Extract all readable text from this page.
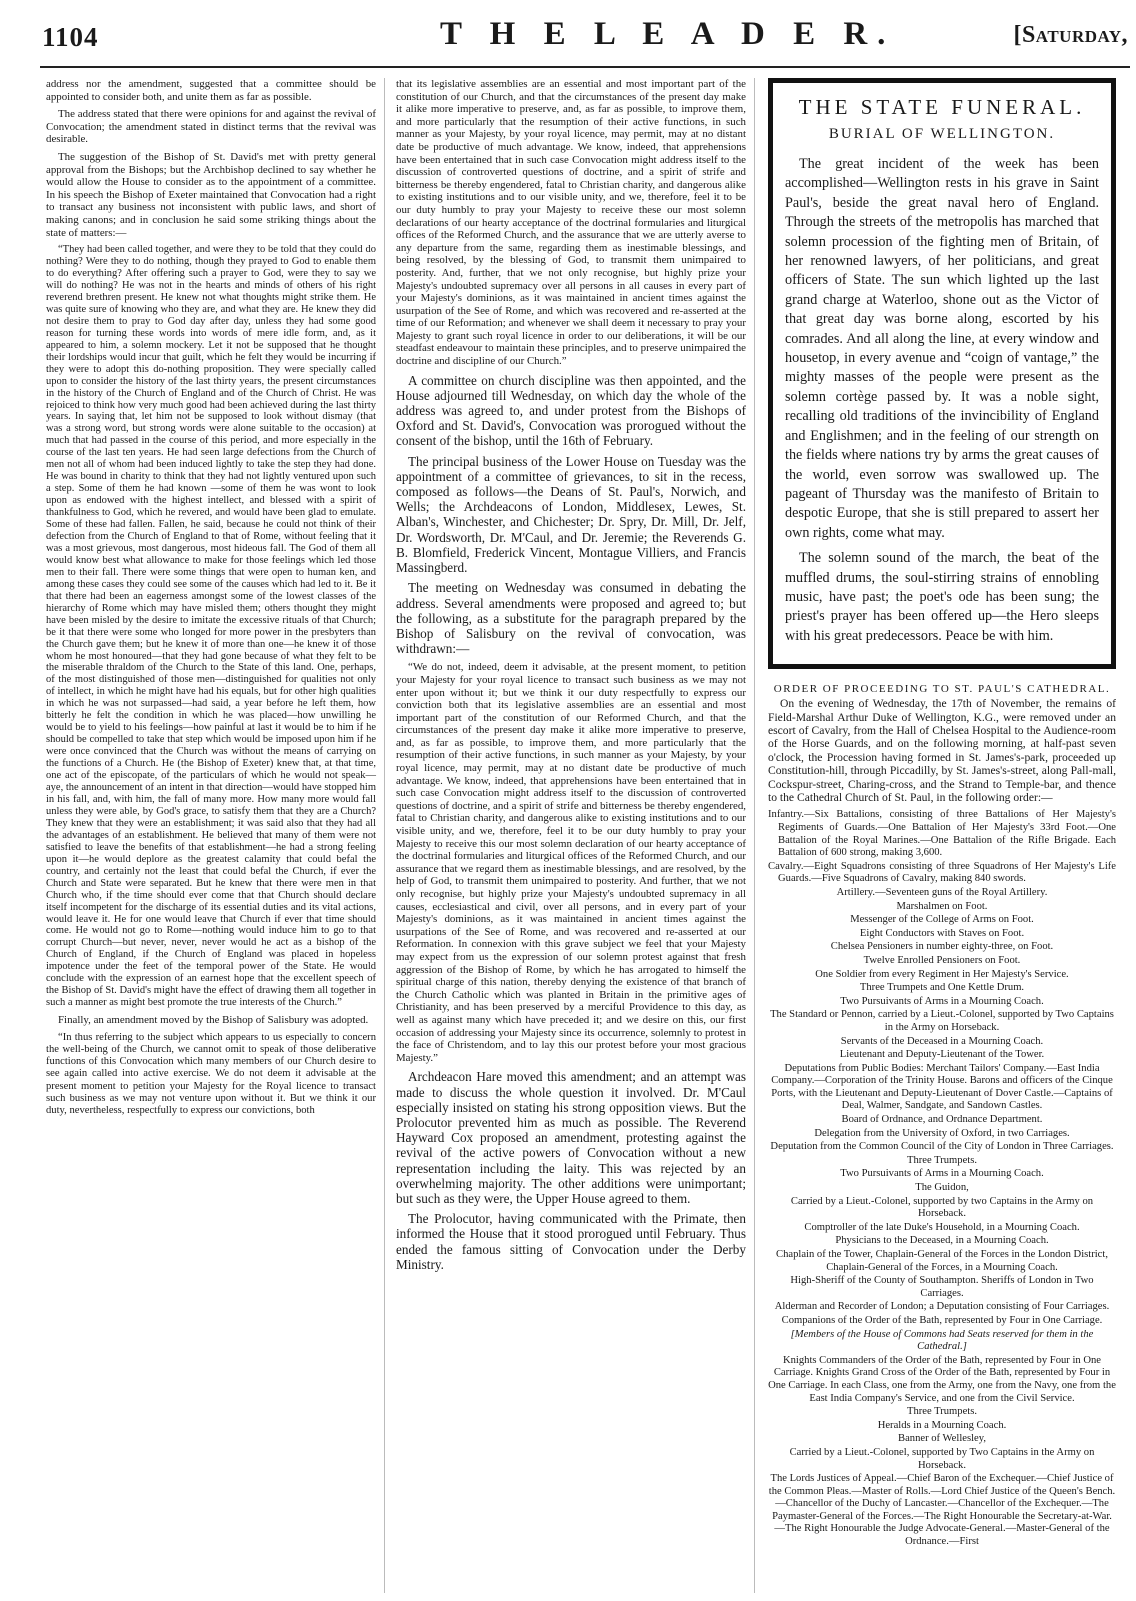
1104	T H E L E A D E R.	[Saturday,

address nor the amendment, suggested that a committee should be appointed to consider both, and unite them as far as possible.

The address stated that there were opinions for and against the revival of Convocation; the amendment stated in distinct terms that the revival was desirable.

The suggestion of the Bishop of St. David's met with pretty general approval from the Bishops; but the Archbishop declined to say whether he would allow the House to consider as to the appointment of a committee. In his speech the Bishop of Exeter maintained that Convocation had a right to transact any business not inconsistent with public laws, and short of making canons; and in conclusion he said some striking things about the state of matters:—

“They had been called together, and were they to be told that they could do nothing? Were they to do nothing, though they prayed to God to enable them to do everything? After offering such a prayer to God, were they to say we will do nothing? He was not in the hearts and minds of others of his right reverend brethren present. He knew not what thoughts might strike them. He was quite sure of knowing who they are, and what they are. He knew they did not desire them to pray to God day after day, unless they had some good reason for turning these words into words of mere idle form, and, as it appeared to him, a solemn mockery. Let it not be supposed that he thought their lordships would incur that guilt, which he felt they would be incurring if they were to adopt this do-nothing proposition. They were specially called upon to consider the history of the last thirty years, the present circumstances in the history of the Church of England and of the Church of Christ. He was rejoiced to think how very much good had been achieved during the last thirty years. In saying that, let him not be supposed to look without dismay (that was a strong word, but strong words were alone suitable to the occasion) at much that had passed in the course of this period, and more especially in the course of the last ten years. He had seen large defections from the Church of men not all of whom had been induced lightly to take the step they had done. He was bound in charity to think that they had not lightly ventured upon such a step. Some of them he had known —some of them he was wont to look upon as endowed with the highest intellect, and blessed with a spirit of thankfulness to God, which he revered, and would have been glad to emulate. Some of these had fallen. Fallen, he said, because he could not think of their defection from the Church of England to that of Rome, without feeling that it was a most grievous, most dangerous, most hideous fall. The God of them all would know best what allowance to make for those feelings which led those men to their fall. There were some things that were open to human ken, and among these cases they could see some of the causes which had led to it. Be it that there had been an eagerness amongst some of the lowest classes of the hierarchy of Rome which may have misled them; others thought they might have been misled by the desire to imitate the excessive rituals of that Church; be it that there were some who longed for more power in the presbyters than the Church gave them; but he knew it of more than one—he knew it of those whom he most honoured—that they had gone because of what they felt to be the miserable thraldom of the Church to the State of this land. One, perhaps, of the most distinguished of those men—distinguished for qualities not only of intellect, in which he might have had his equals, but for other high qualities in which he was not surpassed—had said, a year before he left them, how bitterly he felt the condition in which he was placed—how unwilling he would be to yield to his feelings—how painful at last it would be to him if he should be compelled to take that step which would be imposed upon him if he were once convinced that the Church was without the means of carrying on the functions of a Church. He (the Bishop of Exeter) knew that, at that time, one act of the episcopate, of the particulars of which he would not speak—aye, the announcement of an intent in that direction—would have stopped him in his fall, and, with him, the fall of many more. How many more would fall unless they were able, by God's grace, to satisfy them that they are a Church? They knew that they were an establishment; it was said also that they had all the advantages of an establishment. He believed that many of them were not satisfied to leave the benefits of that establishment—he had a strong feeling upon it—he would deplore as the greatest calamity that could befal the country, and certainly not the least that could befal the Church, if ever the Church and State were separated. But he knew that there were men in that Church who, if the time should ever come that that Church should declare itself incompetent for the discharge of its essential duties and its vital actions, would leave it. He for one would leave that Church if ever that time should come. He would not go to Rome—nothing would induce him to go to that corrupt Church—but never, never, never would he act as a bishop of the Church of England, if the Church of England was placed in hopeless impotence under the feet of the temporal power of the State. He would conclude with the expression of an earnest hope that the excellent speech of the Bishop of St. David's might have the effect of drawing them all together in such a manner as might best promote the true interests of the Church.”

Finally, an amendment moved by the Bishop of Salisbury was adopted.

“In thus referring to the subject which appears to us especially to concern the well-being of the Church, we cannot omit to speak of those deliberative functions of this Convocation which many members of our Church desire to see again called into active exercise. We do not deem it advisable at the present moment to petition your Majesty for the Royal licence to transact such business as we may not venture upon without it. But we think it our duty, nevertheless, respectfully to express our convictions, both

that its legislative assemblies are an essential and most important part of the constitution of our Church, and that the circumstances of the present day make it alike more imperative to preserve, and, as far as possible, to improve them, and more particularly that the resumption of their active functions, in such manner as your Majesty, by your royal licence, may permit, may at no distant date be productive of much advantage. We know, indeed, that apprehensions have been entertained that in such case Convocation might address itself to the discussion of controverted questions of doctrine, and a spirit of strife and bitterness be thereby engendered, fatal to Christian charity, and dangerous alike to existing institutions and to our visible unity, and we, therefore, feel it to be our duty humbly to pray your Majesty to receive these our most solemn declarations of our hearty acceptance of the doctrinal formularies and liturgical offices of the Reformed Church, and the assurance that we are utterly averse to any departure from the same, regarding them as inestimable blessings, and being resolved, by the blessing of God, to transmit them unimpaired to posterity. And, further, that we not only recognise, but highly prize your Majesty's undoubted supremacy over all persons in all causes in every part of your Majesty's dominions, as it was maintained in ancient times against the usurpation of the See of Rome, and which was recovered and re-asserted at the time of our Reformation; and whenever we shall deem it necessary to pray your Majesty to grant such royal licence in order to our deliberations, it will be our steadfast endeavour to maintain these principles, and to preserve unimpaired the doctrine and discipline of our Church.”

A committee on church discipline was then appointed, and the House adjourned till Wednesday, on which day the whole of the address was agreed to, and under protest from the Bishops of Oxford and St. David's, Convocation was prorogued without the consent of the bishop, until the 16th of February.

The principal business of the Lower House on Tuesday was the appointment of a committee of grievances, to sit in the recess, composed as follows—the Deans of St. Paul's, Norwich, and Wells; the Archdeacons of London, Middlesex, Lewes, St. Alban's, Winchester, and Chichester; Dr. Spry, Dr. Mill, Dr. Jelf, Dr. Wordsworth, Dr. M'Caul, and Dr. Jeremie; the Reverends G. B. Blomfield, Frederick Vincent, Montague Villiers, and Francis Massingberd.

The meeting on Wednesday was consumed in debating the address. Several amendments were proposed and agreed to; but the following, as a substitute for the paragraph prepared by the Bishop of Salisbury on the revival of convocation, was withdrawn:—

“We do not, indeed, deem it advisable, at the present moment, to petition your Majesty for your royal licence to transact such business as we may not enter upon without it; but we think it our duty respectfully to express our conviction both that its legislative assemblies are an essential and most important part of the constitution of our Reformed Church, and that the circumstances of the present day make it alike more imperative to preserve, and, as far as possible, to improve them, and more particularly that the resumption of their active functions, in such manner as your Majesty, by your royal licence, may permit, may at no distant date be productive of much advantage. We know, indeed, that apprehensions have been entertained that in such case Convocation might address itself to the discussion of controverted questions of doctrine, and a spirit of strife and bitterness be thereby engendered, fatal to Christian charity, and dangerous alike to existing institutions and to our visible unity, and we, therefore, feel it to be our duty humbly to pray your Majesty to receive this our most solemn declaration of our hearty acceptance of the doctrinal formularies and liturgical offices of the Reformed Church, and our assurance that we regard them as inestimable blessings, and are resolved, by the help of God, to transmit them unimpaired to posterity. And further, that we not only recognise, but highly prize your Majesty's undoubted supremacy in all causes, ecclesiastical and civil, over all persons, and in every part of your Majesty's dominions, as it was maintained in ancient times against the usurpations of the See of Rome, and was recovered and re-asserted at our Reformation. In connexion with this grave subject we feel that your Majesty may expect from us the expression of our solemn protest against that fresh aggression of the Bishop of Rome, by which he has arrogated to himself the spiritual charge of this nation, thereby denying the existence of that branch of the Church Catholic which was planted in Britain in the primitive ages of Christianity, and has been preserved by a merciful Providence to this day, as well as against many which have preceded it; and we desire on this, our first occasion of addressing your Majesty since its occurrence, solemnly to protest in the face of Christendom, and to lay this our protest before your most gracious Majesty.”

Archdeacon Hare moved this amendment; and an attempt was made to discuss the whole question it involved. Dr. M'Caul especially insisted on stating his strong opposition views. But the Prolocutor prevented him as much as possible. The Reverend Hayward Cox proposed an amendment, protesting against the revival of the active powers of Convocation without a new representation including the laity. This was rejected by an overwhelming majority. The other additions were unimportant; but such as they were, the Upper House agreed to them.

The Prolocutor, having communicated with the Primate, then informed the House that it stood prorogued until February. Thus ended the famous sitting of Convocation under the Derby Ministry.

THE STATE FUNERAL.
BURIAL OF WELLINGTON.

The great incident of the week has been accomplished—Wellington rests in his grave in Saint Paul's, beside the great naval hero of England. Through the streets of the metropolis has marched that solemn procession of the fighting men of Britain, of her renowned lawyers, of her politicians, and great officers of State. The sun which lighted up the last grand charge at Waterloo, shone out as the Victor of that great day was borne along, escorted by his comrades. And all along the line, at every window and housetop, in every avenue and “coign of vantage,” the mighty masses of the people were present as the solemn cortège passed by. It was a noble sight, recalling old traditions of the invincibility of England and Englishmen; and in the feeling of our strength on the fields where nations try by arms the great causes of the world, even sorrow was swallowed up. The pageant of Thursday was the manifesto of Britain to despotic Europe, that she is still prepared to assert her own rights, come what may.

The solemn sound of the march, the beat of the muffled drums, the soul-stirring strains of ennobling music, have past; the poet's ode has been sung; the priest's prayer has been offered up—the Hero sleeps with his great predecessors. Peace be with him.

ORDER OF PROCEEDING TO ST. PAUL'S CATHEDRAL.

On the evening of Wednesday, the 17th of November, the remains of Field-Marshal Arthur Duke of Wellington, K.G., were removed under an escort of Cavalry, from the Hall of Chelsea Hospital to the Audience-room of the Horse Guards, and on the following morning, at half-past seven o'clock, the Procession having formed in St. James's-park, proceeded up Constitution-hill, through Piccadilly, by St. James's-street, along Pall-mall, Cockspur-street, Charing-cross, and the Strand to Temple-bar, and thence to the Cathedral Church of St. Paul, in the following order:—

Infantry.—Six Battalions, consisting of three Battalions of Her Majesty's Regiments of Guards.—One Battalion of Her Majesty's 33rd Foot.—One Battalion of the Royal Marines.—One Battalion of the Rifle Brigade. Each Battalion of 600 strong, making 3,600.
Cavalry.—Eight Squadrons consisting of three Squadrons of Her Majesty's Life Guards.—Five Squadrons of Cavalry, making 840 swords.
Artillery.—Seventeen guns of the Royal Artillery.
Marshalmen on Foot.
Messenger of the College of Arms on Foot.
Eight Conductors with Staves on Foot.
Chelsea Pensioners in number eighty-three, on Foot.
Twelve Enrolled Pensioners on Foot.
One Soldier from every Regiment in Her Majesty's Service.
Three Trumpets and One Kettle Drum.
Two Pursuivants of Arms in a Mourning Coach.
The Standard or Pennon, carried by a Lieut.-Colonel, supported by Two Captains in the Army on Horseback.
Servants of the Deceased in a Mourning Coach.
Lieutenant and Deputy-Lieutenant of the Tower.
Deputations from Public Bodies: Merchant Tailors' Company.—East India Company.—Corporation of the Trinity House. Barons and officers of the Cinque Ports, with the Lieutenant and Deputy-Lieutenant of Dover Castle.—Captains of Deal, Walmer, Sandgate, and Sandown Castles.
Board of Ordnance, and Ordnance Department.
Delegation from the University of Oxford, in two Carriages.
Deputation from the Common Council of the City of London in Three Carriages.
Three Trumpets.
Two Pursuivants of Arms in a Mourning Coach.
The Guidon,
Carried by a Lieut.-Colonel, supported by two Captains in the Army on Horseback.
Comptroller of the late Duke's Household, in a Mourning Coach.
Physicians to the Deceased, in a Mourning Coach.
Chaplain of the Tower, Chaplain-General of the Forces in the London District, Chaplain-General of the Forces, in a Mourning Coach.
High-Sheriff of the County of Southampton. Sheriffs of London in Two Carriages.
Alderman and Recorder of London; a Deputation consisting of Four Carriages.
Companions of the Order of the Bath, represented by Four in One Carriage.
[Members of the House of Commons had Seats reserved for them in the Cathedral.]
Knights Commanders of the Order of the Bath, represented by Four in One Carriage. Knights Grand Cross of the Order of the Bath, represented by Four in One Carriage. In each Class, one from the Army, one from the Navy, one from the East India Company's Service, and one from the Civil Service.
Three Trumpets.
Heralds in a Mourning Coach.
Banner of Wellesley,
Carried by a Lieut.-Colonel, supported by Two Captains in the Army on Horseback.
The Lords Justices of Appeal.—Chief Baron of the Exchequer.—Chief Justice of the Common Pleas.—Master of Rolls.—Lord Chief Justice of the Queen's Bench.—Chancellor of the Duchy of Lancaster.—Chancellor of the Exchequer.—The Paymaster-General of the Forces.—The Right Honourable the Secretary-at-War.—The Right Honourable the Judge Advocate-General.—Master-General of the Ordnance.—First
